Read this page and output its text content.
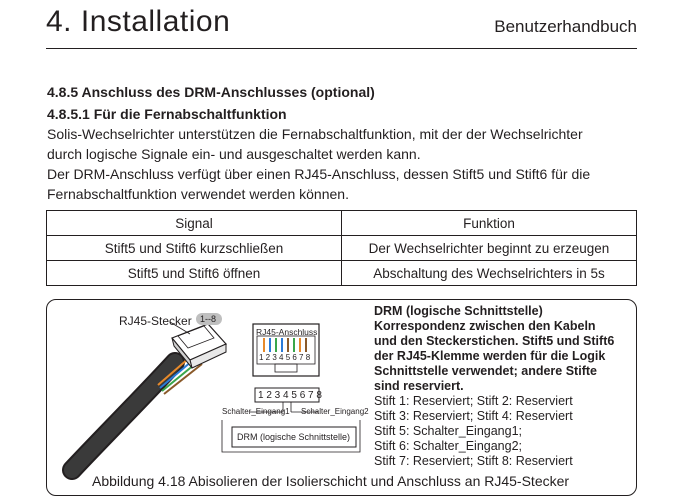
4. Installation	Benutzerhandbuch
4.8.5 Anschluss des DRM-Anschlusses (optional)
4.8.5.1 Für die Fernabschaltfunktion
Solis-Wechselrichter unterstützen die Fernabschaltfunktion, mit der der Wechselrichter
durch logische Signale ein- und ausgeschaltet werden kann.
Der DRM-Anschluss verfügt über einen RJ45-Anschluss, dessen Stift5 und Stift6 für die
Fernabschaltfunktion verwendet werden können.
Signal	Funktion
Stift5 und Stift6 kurzschließen	Der Wechselrichter beginnt zu erzeugen
Stift5 und Stift6 öffnen	Abschaltung des Wechselrichters in 5s
RJ45-Stecker 1--8
RJ45-Anschluss
1 2 3 4 5 6 7 8
1 2 3 4 5 6 7 8
Schalter_Eingang1 Schalter_Eingang2
DRM (logische Schnittstelle)
DRM (logische Schnittstelle)
Korrespondenz zwischen den Kabeln
und den Steckerstichen. Stift5 und Stift6
der RJ45-Klemme werden für die Logik
Schnittstelle verwendet; andere Stifte
sind reserviert.
Stift 1: Reserviert; Stift 2: Reserviert
Stift 3: Reserviert; Stift 4: Reserviert
Stift 5: Schalter_Eingang1;
Stift 6: Schalter_Eingang2;
Stift 7: Reserviert; Stift 8: Reserviert
Abbildung 4.18 Abisolieren der Isolierschicht und Anschluss an RJ45-Stecker
